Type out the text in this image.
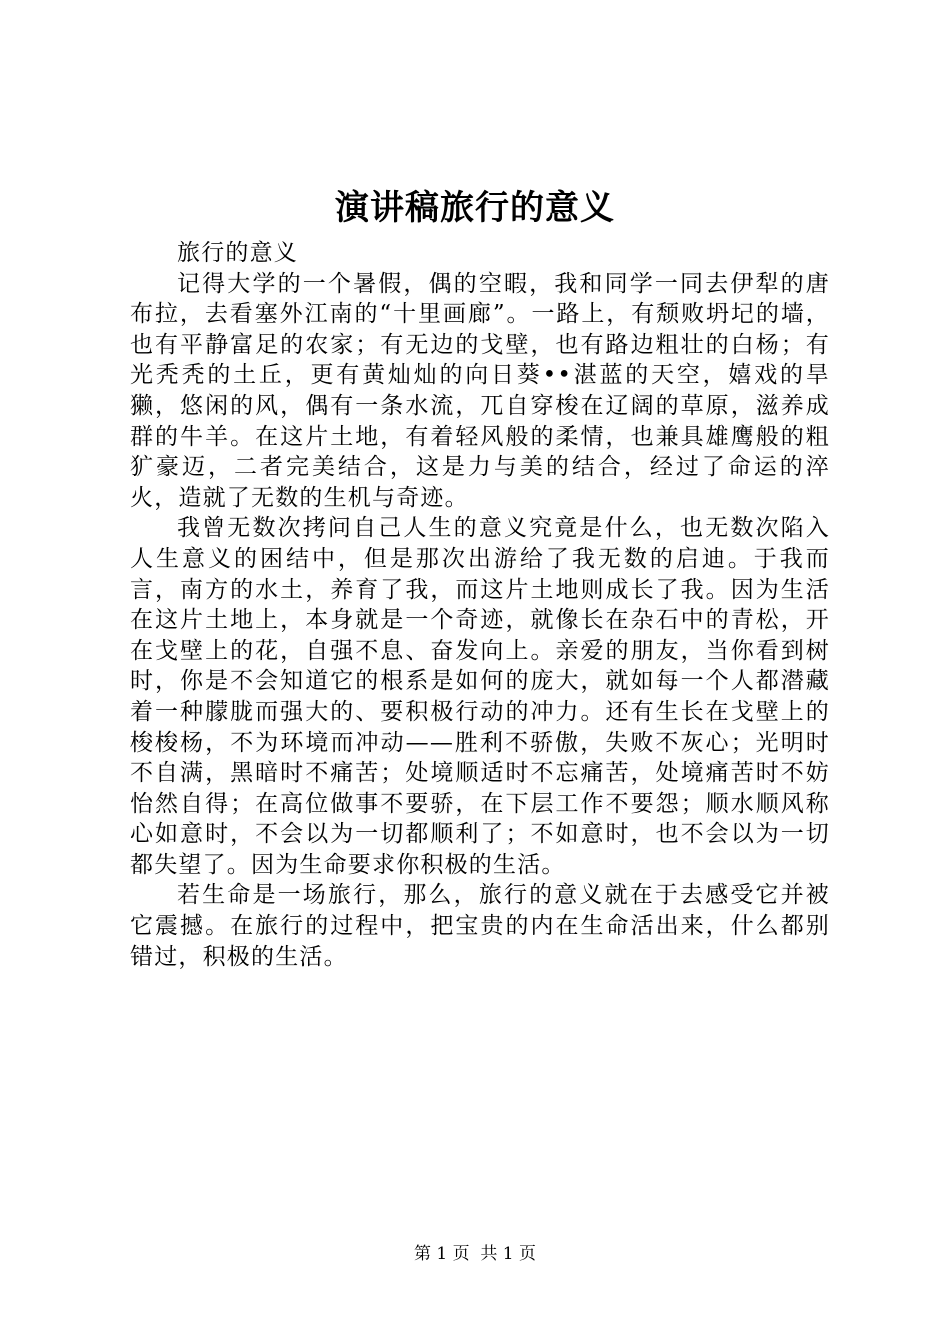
演讲稿旅行的意义

旅行的意义

记得大学的一个暑假，偶的空暇，我和同学一同去伊犁的唐布拉，去看塞外江南的“十里画廊”。一路上，有颓败坍圮的墙，也有平静富足的农家；有无边的戈壁，也有路边粗壮的白杨；有光秃秃的土丘，更有黄灿灿的向日葵••湛蓝的天空，嬉戏的旱獭，悠闲的风，偶有一条水流，兀自穿梭在辽阔的草原，滋养成群的牛羊。在这片土地，有着轻风般的柔情，也兼具雄鹰般的粗犷豪迈，二者完美结合，这是力与美的结合，经过了命运的淬火，造就了无数的生机与奇迹。

我曾无数次拷问自己人生的意义究竟是什么，也无数次陷入人生意义的困结中，但是那次出游给了我无数的启迪。于我而言，南方的水土，养育了我，而这片土地则成长了我。因为生活在这片土地上，本身就是一个奇迹，就像长在杂石中的青松，开在戈壁上的花，自强不息、奋发向上。亲爱的朋友，当你看到树时，你是不会知道它的根系是如何的庞大，就如每一个人都潜藏着一种朦胧而强大的、要积极行动的冲力。还有生长在戈壁上的梭梭杨，不为环境而冲动——胜利不骄傲，失败不灰心；光明时不自满，黑暗时不痛苦；处境顺适时不忘痛苦，处境痛苦时不妨怡然自得；在高位做事不要骄，在下层工作不要怨；顺水顺风称心如意时，不会以为一切都顺利了；不如意时，也不会以为一切都失望了。因为生命要求你积极的生活。

若生命是一场旅行，那么，旅行的意义就在于去感受它并被它震撼。在旅行的过程中，把宝贵的内在生命活出来，什么都别错过，积极的生活。

第 1 页 共 1 页
